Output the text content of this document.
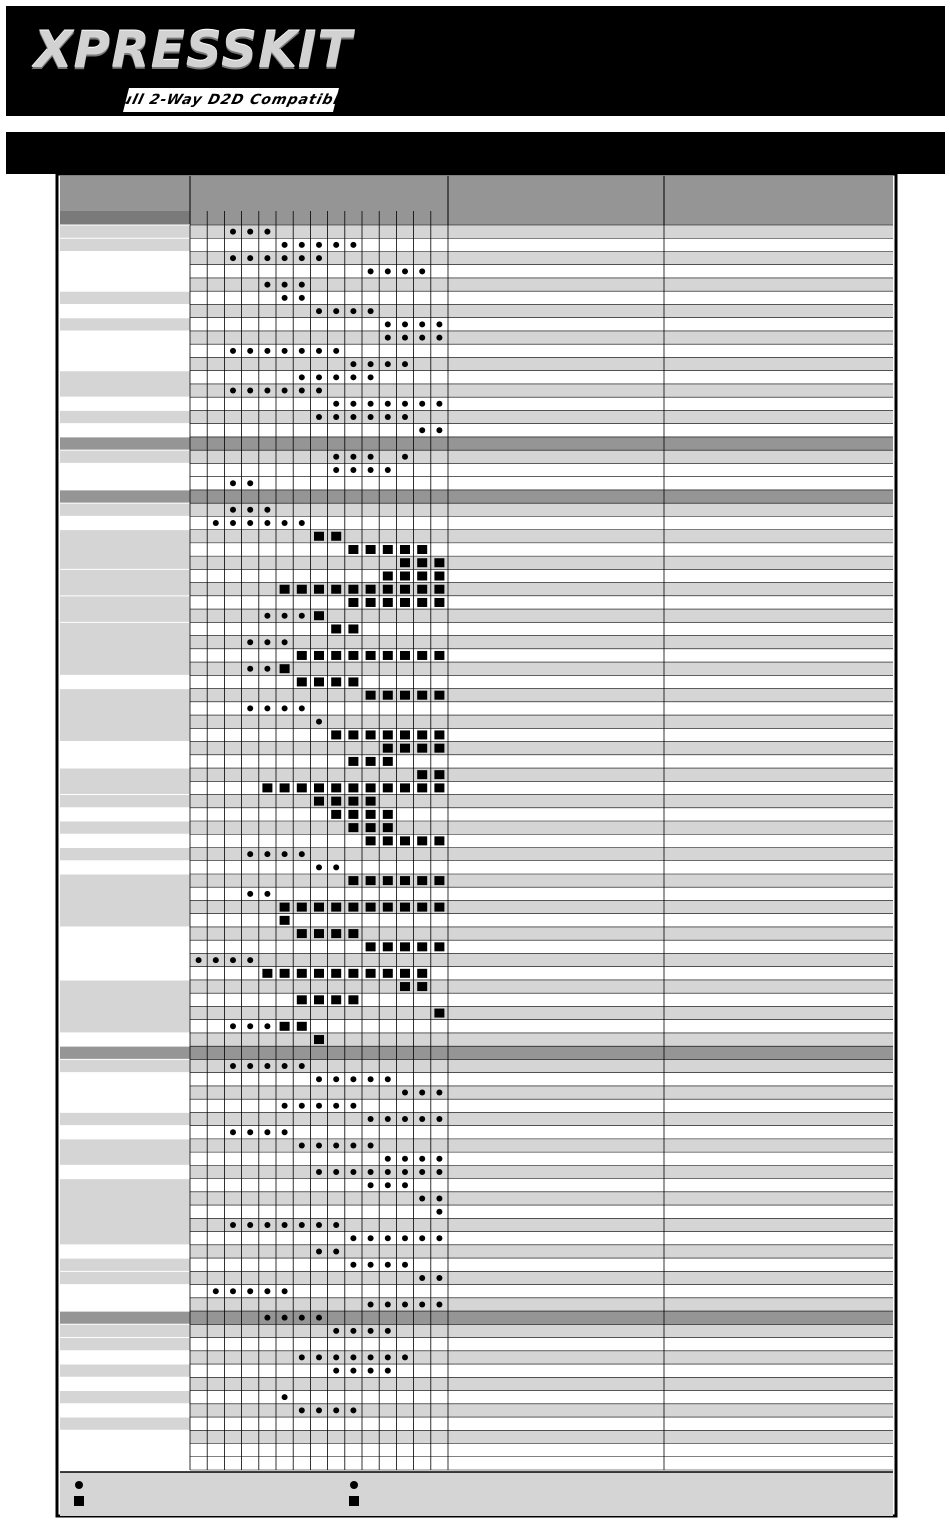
XPRESSKIT
Full 2-Way D2D Compatible
